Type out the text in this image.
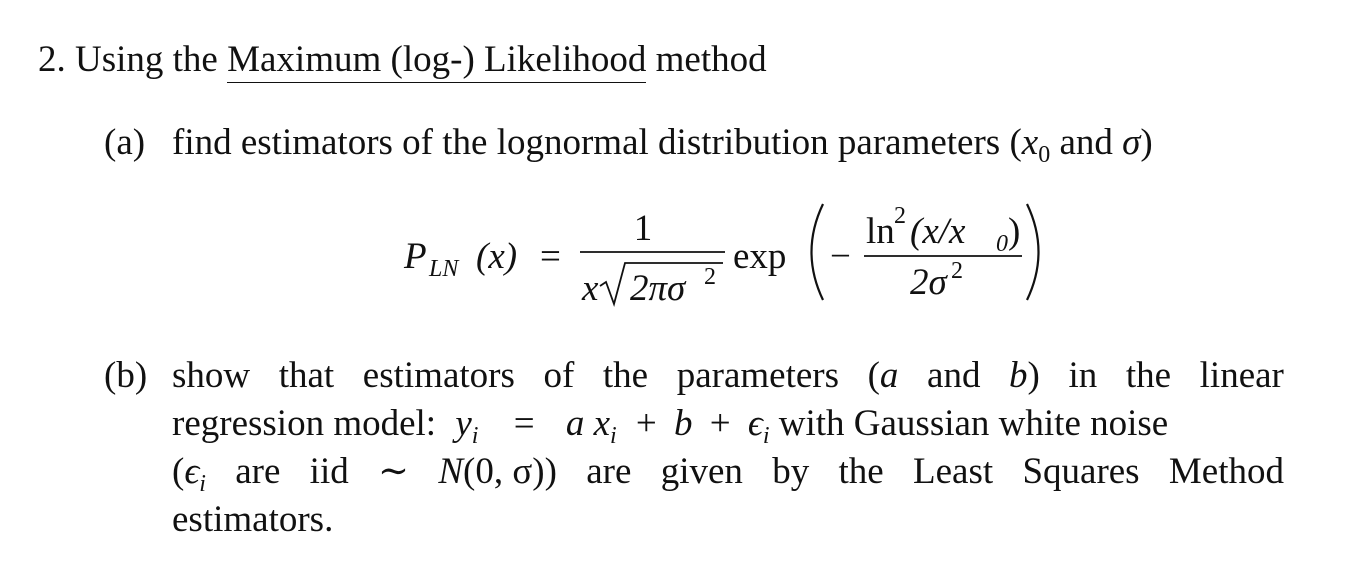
2. Using the Maximum (log-) Likelihood method
(a) find estimators of the lognormal distribution parameters ($x_0$ and σ)
P LN (x) =
1
x 2πσ 2 exp −
ln 2 (x/x 0 )
2σ 2
(b) show that estimators of the parameters (a and b) in the linear
regression model: $y_i = a$ $x_i + b + \epsilon_i$ with Gaussian white noise
($\epsilon_i$ are iid ∼ N(0, σ)) are given by the Least Squares Method
estimators.
